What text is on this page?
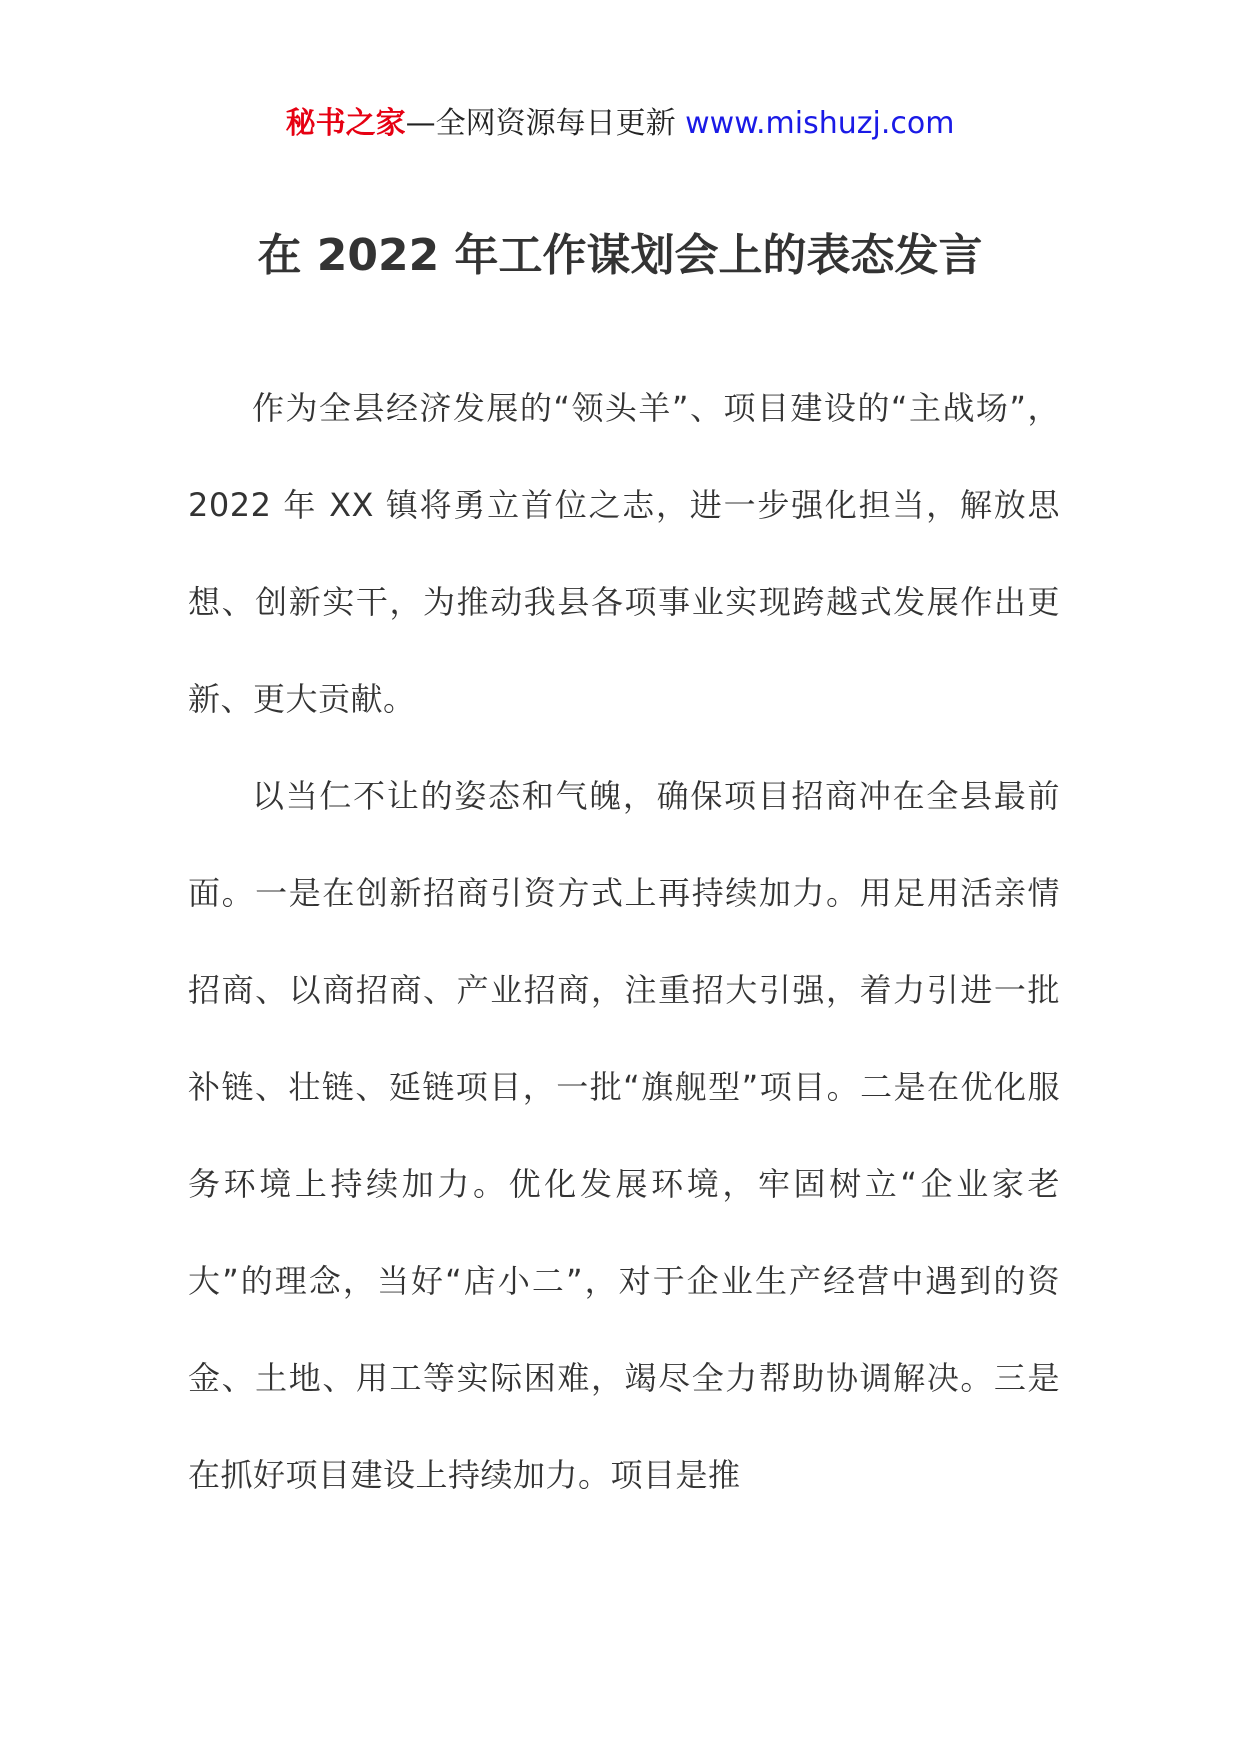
秘书之家—全网资源每日更新 www.mishuzj.com
在 2022 年工作谋划会上的表态发言

作为全县经济发展的“领头羊”、项目建设的“主战场”，2022 年 XX 镇将勇立首位之志，进一步强化担当，解放思想、创新实干，为推动我县各项事业实现跨越式发展作出更新、更大贡献。

以当仁不让的姿态和气魄，确保项目招商冲在全县最前面。一是在创新招商引资方式上再持续加力。用足用活亲情招商、以商招商、产业招商，注重招大引强，着力引进一批补链、壮链、延链项目，一批“旗舰型”项目。二是在优化服务环境上持续加力。优化发展环境，牢固树立“企业家老大”的理念，当好“店小二”，对于企业生产经营中遇到的资金、土地、用工等实际困难，竭尽全力帮助协调解决。三是在抓好项目建设上持续加力。项目是推
